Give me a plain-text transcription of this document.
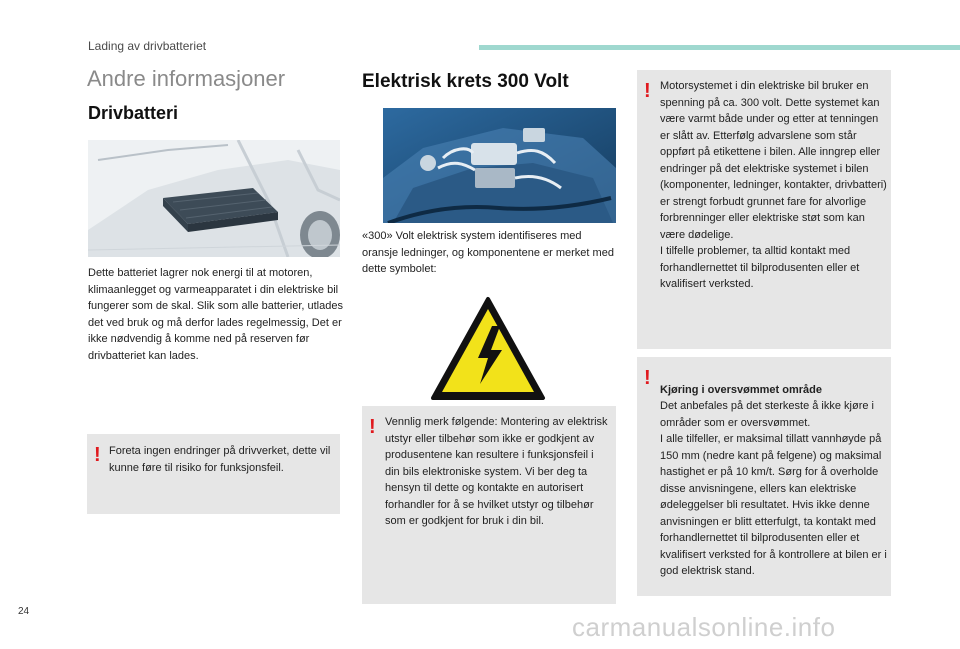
Lading av drivbatteriet
Andre informasjoner
Drivbatteri

Dette batteriet lagrer nok energi til at motoren, klimaanlegget og varmeapparatet i din elektriske bil fungerer som de skal. Slik som alle batterier, utlades det ved bruk og må derfor lades regelmessig, Det er ikke nødvendig å komme ned på reserven før drivbatteriet kan lades.

! Foreta ingen endringer på drivverket, dette vil kunne føre til risiko for funksjonsfeil.

Elektrisk krets 300 Volt

«300» Volt elektrisk system identifiseres med oransje ledninger, og komponentene er merket med dette symbolet:

! Vennlig merk følgende: Montering av elektrisk utstyr eller tilbehør som ikke er godkjent av produsentene kan resultere i funksjonsfeil i din bils elektroniske system. Vi ber deg ta hensyn til dette og kontakte en autorisert forhandler for å se hvilket utstyr og tilbehør som er godkjent for bruk i din bil.

! Motorsystemet i din elektriske bil bruker en spenning på ca. 300 volt. Dette systemet kan være varmt både under og etter at tenningen er slått av. Etterfølg advarslene som står oppført på etikettene i bilen. Alle inngrep eller endringer på det elektriske systemet i bilen (komponenter, ledninger, kontakter, drivbatteri) er strengt forbudt grunnet fare for alvorlige forbrenninger eller elektriske støt som kan være dødelige.
I tilfelle problemer, ta alltid kontakt med forhandlernettet til bilprodusenten eller et kvalifisert verksted.

!

Kjøring i oversvømmet område
Det anbefales på det sterkeste å ikke kjøre i områder som er oversvømmet.
I alle tilfeller, er maksimal tillatt vannhøyde på 150 mm (nedre kant på felgene) og maksimal hastighet er på 10 km/t. Sørg for å overholde disse anvisningene, ellers kan elektriske ødeleggelser bli resultatet. Hvis ikke denne anvisningen er blitt etterfulgt, ta kontakt med forhandlernettet til bilprodusenten eller et kvalifisert verksted for å kontrollere at bilen er i god elektrisk stand.

24
carmanualsonline.info
